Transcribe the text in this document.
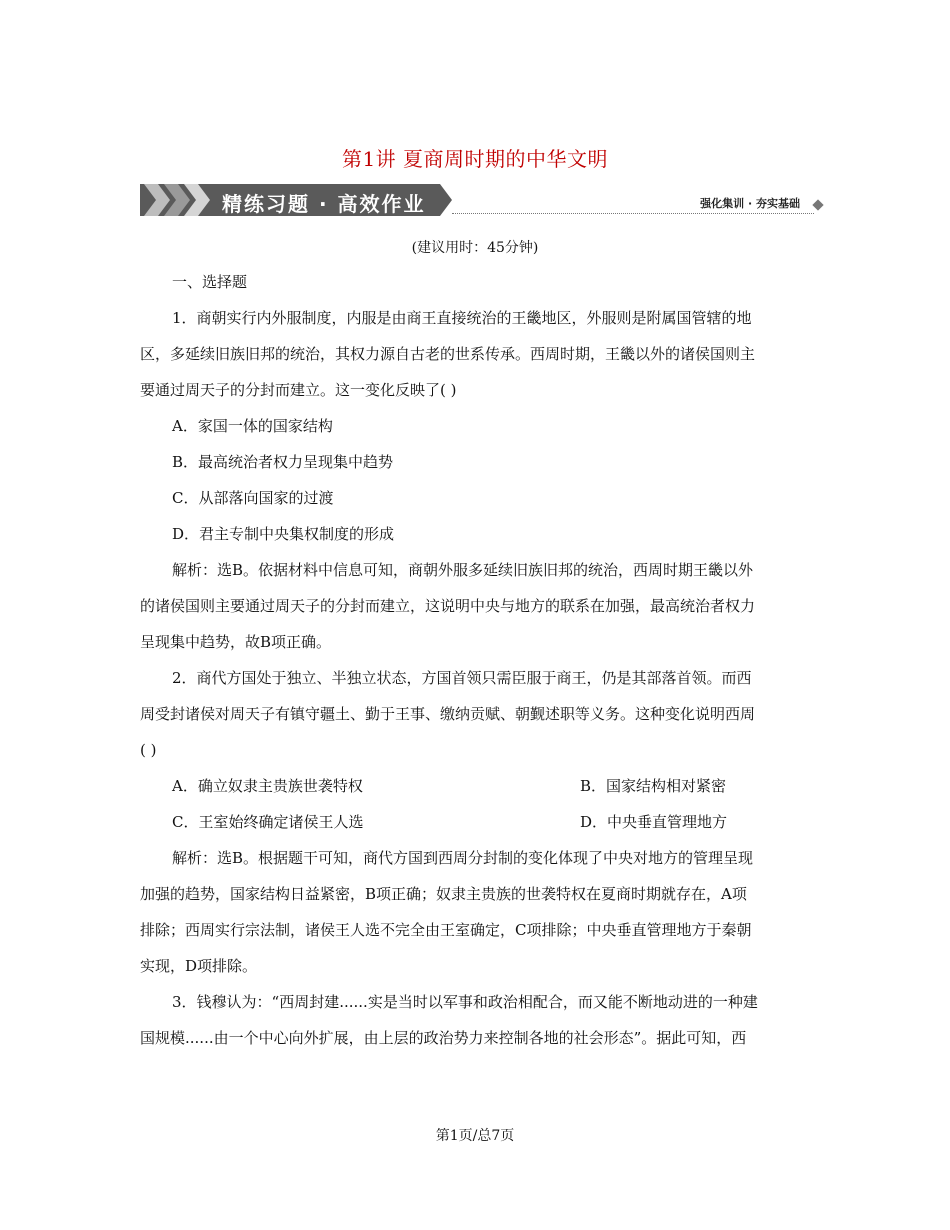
第1讲 夏商周时期的中华文明
精练习题 · 高效作业	强化集训 · 夯实基础
(建议用时：45分钟)
一、选择题
1．商朝实行内外服制度，内服是由商王直接统治的王畿地区，外服则是附属国管辖的地
区，多延续旧族旧邦的统治，其权力源自古老的世系传承。西周时期，王畿以外的诸侯国则主
要通过周天子的分封而建立。这一变化反映了( )
A．家国一体的国家结构
B．最高统治者权力呈现集中趋势
C．从部落向国家的过渡
D．君主专制中央集权制度的形成
解析：选B。依据材料中信息可知，商朝外服多延续旧族旧邦的统治，西周时期王畿以外
的诸侯国则主要通过周天子的分封而建立，这说明中央与地方的联系在加强，最高统治者权力
呈现集中趋势，故B项正确。
2．商代方国处于独立、半独立状态，方国首领只需臣服于商王，仍是其部落首领。而西
周受封诸侯对周天子有镇守疆土、勤于王事、缴纳贡赋、朝觐述职等义务。这种变化说明西周
( )
A．确立奴隶主贵族世袭特权	B．国家结构相对紧密
C．王室始终确定诸侯王人选	D．中央垂直管理地方
解析：选B。根据题干可知，商代方国到西周分封制的变化体现了中央对地方的管理呈现
加强的趋势，国家结构日益紧密，B项正确；奴隶主贵族的世袭特权在夏商时期就存在，A项
排除；西周实行宗法制，诸侯王人选不完全由王室确定，C项排除；中央垂直管理地方于秦朝
实现，D项排除。
3．钱穆认为：“西周封建......实是当时以军事和政治相配合，而又能不断地动进的一种建
国规模......由一个中心向外扩展，由上层的政治势力来控制各地的社会形态”。据此可知，西
第1页/总7页
